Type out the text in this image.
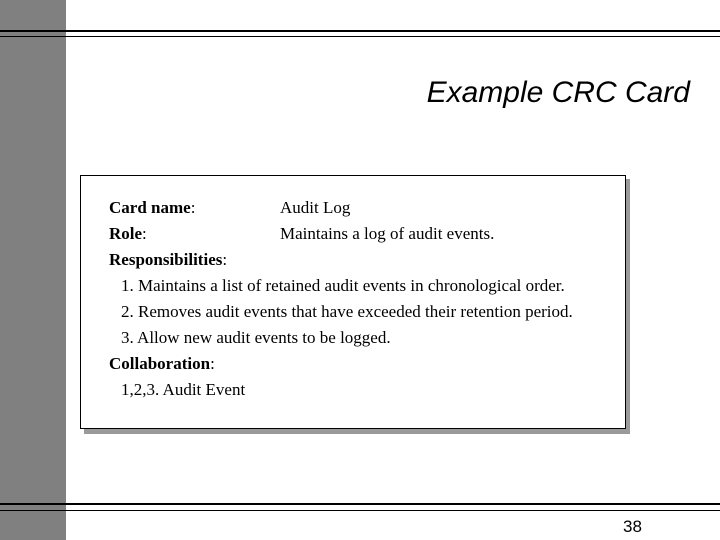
Example CRC Card
Card name:	Audit Log
Role:	Maintains a log of audit events.
Responsibilities:
1. Maintains a list of retained audit events in chronological order.
2. Removes audit events that have exceeded their retention period.
3. Allow new audit events to be logged.
Collaboration:
1,2,3. Audit Event
38
